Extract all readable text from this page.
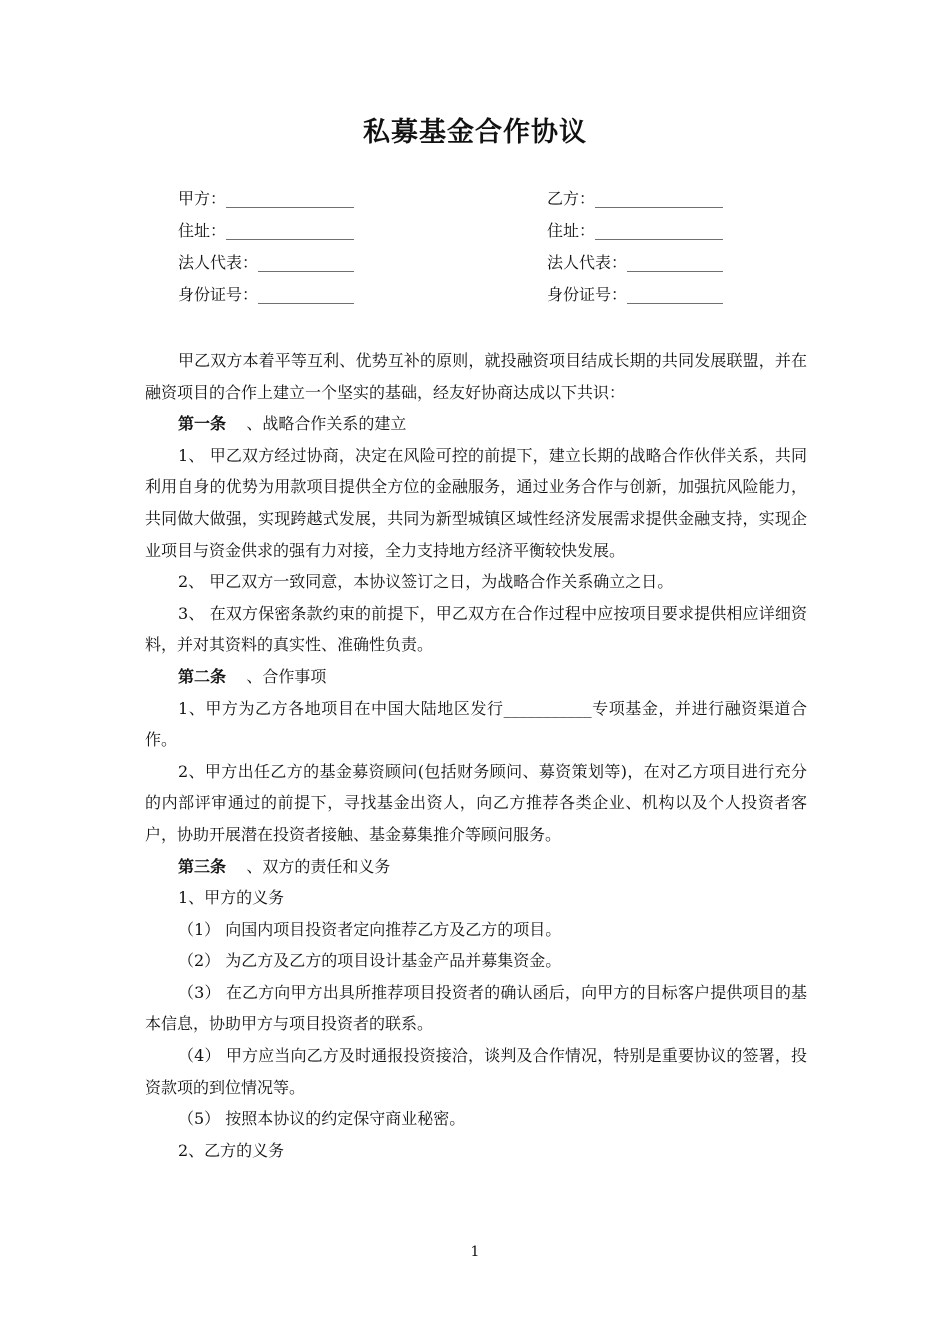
私募基金合作协议
甲方：________________
住址：________________
法人代表：____________
身份证号：____________
乙方：________________
住址：________________
法人代表：____________
身份证号：____________

甲乙双方本着平等互利、优势互补的原则，就投融资项目结成长期的共同发展联盟，并在融资项目的合作上建立一个坚实的基础，经友好协商达成以下共识：

第一条 、战略合作关系的建立

1、 甲乙双方经过协商，决定在风险可控的前提下，建立长期的战略合作伙伴关系，共同利用自身的优势为用款项目提供全方位的金融服务，通过业务合作与创新，加强抗风险能力，共同做大做强，实现跨越式发展，共同为新型城镇区域性经济发展需求提供金融支持，实现企业项目与资金供求的强有力对接，全力支持地方经济平衡较快发展。

2、 甲乙双方一致同意，本协议签订之日，为战略合作关系确立之日。

3、 在双方保密条款约束的前提下，甲乙双方在合作过程中应按项目要求提供相应详细资料，并对其资料的真实性、准确性负责。

第二条 、合作事项

1、甲方为乙方各地项目在中国大陆地区发行___________专项基金，并进行融资渠道合作。

2、甲方出任乙方的基金募资顾问(包括财务顾问、募资策划等)，在对乙方项目进行充分的内部评审通过的前提下，寻找基金出资人，向乙方推荐各类企业、机构以及个人投资者客户，协助开展潜在投资者接触、基金募集推介等顾问服务。

第三条 、双方的责任和义务

1、甲方的义务

（1） 向国内项目投资者定向推荐乙方及乙方的项目。

（2） 为乙方及乙方的项目设计基金产品并募集资金。

（3） 在乙方向甲方出具所推荐项目投资者的确认函后，向甲方的目标客户提供项目的基本信息，协助甲方与项目投资者的联系。

（4） 甲方应当向乙方及时通报投资接洽，谈判及合作情况，特别是重要协议的签署，投资款项的到位情况等。

（5） 按照本协议的约定保守商业秘密。

2、乙方的义务

1
